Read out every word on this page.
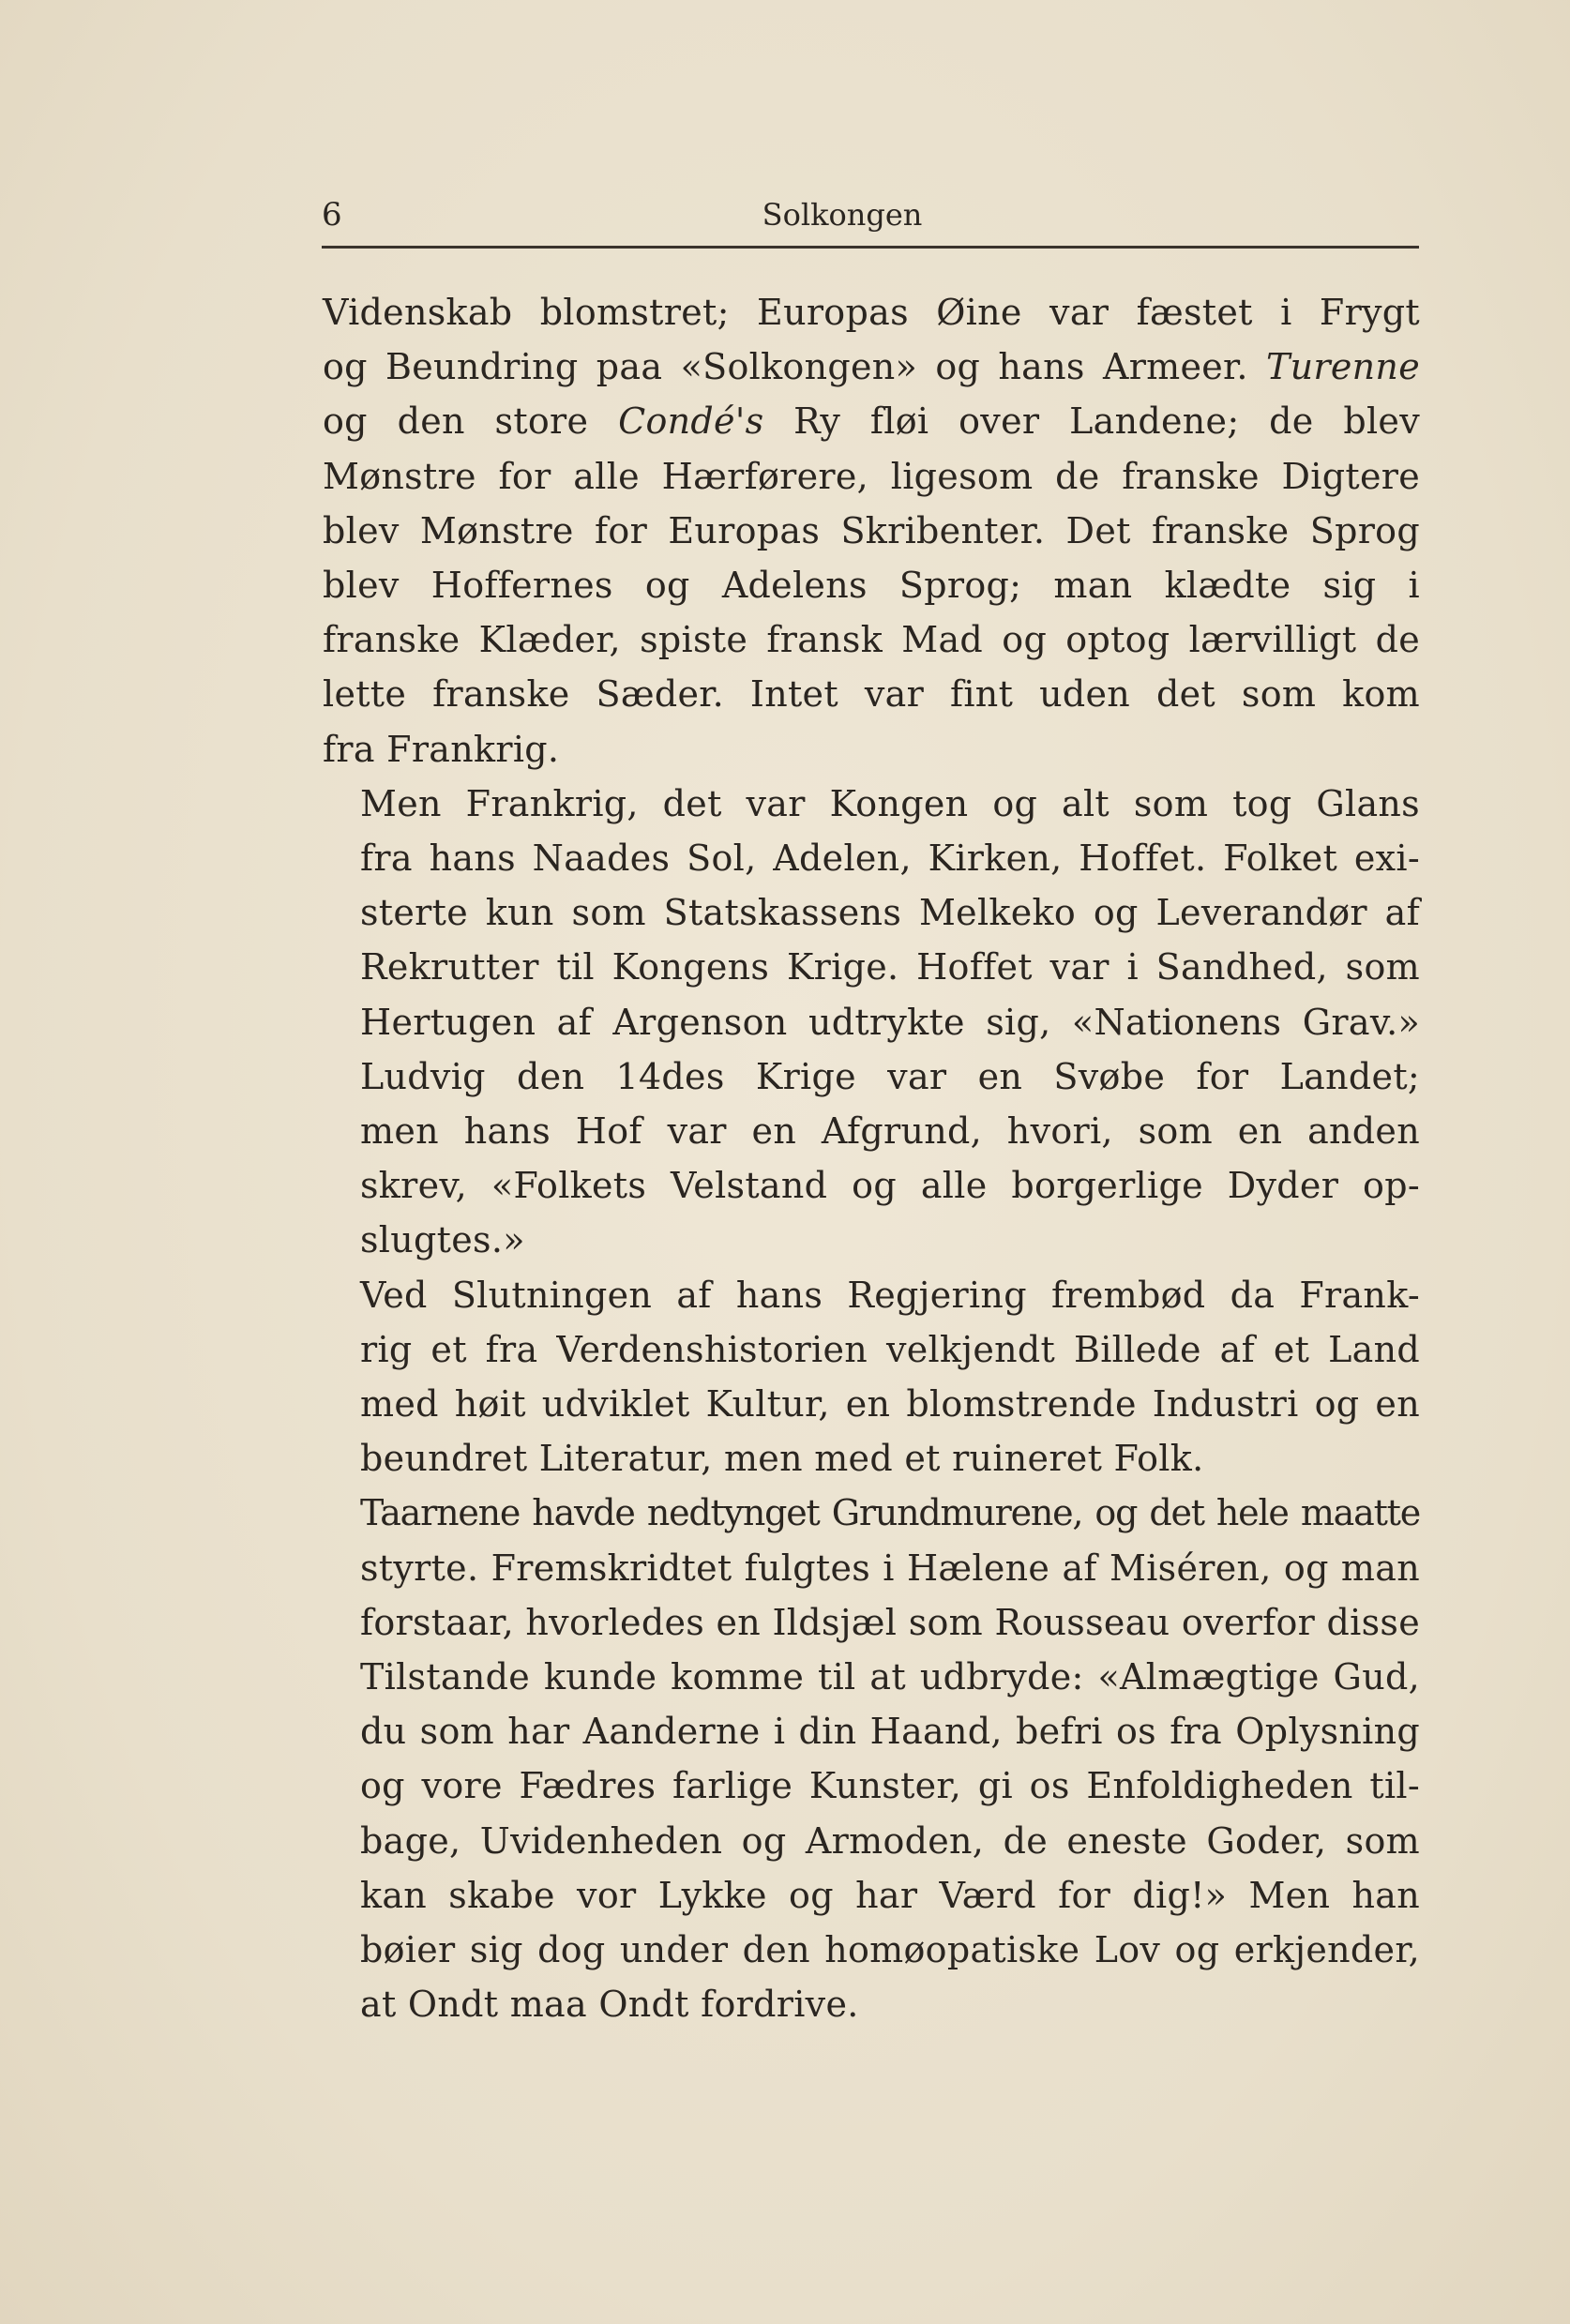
6	Solkongen
Videnskab blomstret; Europas Øine var fæstet i Frygt
og Beundring paa «Solkongen» og hans Armeer. Turenne
og den store Condé's Ry fløi over Landene; de blev
Mønstre for alle Hærførere, ligesom de franske Digtere
blev Mønstre for Europas Skribenter. Det franske Sprog
blev Hoffernes og Adelens Sprog; man klædte sig i
franske Klæder, spiste fransk Mad og optog lærvilligt de
lette franske Sæder. Intet var fint uden det som kom
fra Frankrig.
Men Frankrig, det var Kongen og alt som tog Glans
fra hans Naades Sol, Adelen, Kirken, Hoffet. Folket exi-
sterte kun som Statskassens Melkeko og Leverandør af
Rekrutter til Kongens Krige. Hoffet var i Sandhed, som
Hertugen af Argenson udtrykte sig, «Nationens Grav.»
Ludvig den 14des Krige var en Svøbe for Landet;
men hans Hof var en Afgrund, hvori, som en anden
skrev, «Folkets Velstand og alle borgerlige Dyder op-
slugtes.»
Ved Slutningen af hans Regjering frembød da Frank-
rig et fra Verdenshistorien velkjendt Billede af et Land
med høit udviklet Kultur, en blomstrende Industri og en
beundret Literatur, men med et ruineret Folk.
Taarnene havde nedtynget Grundmurene, og det hele maatte
styrte. Fremskridtet fulgtes i Hælene af Miséren, og man
forstaar, hvorledes en Ildsjæl som Rousseau overfor disse
Tilstande kunde komme til at udbryde: «Almægtige Gud,
du som har Aanderne i din Haand, befri os fra Oplysning
og vore Fædres farlige Kunster, gi os Enfoldigheden til-
bage, Uvidenheden og Armoden, de eneste Goder, som
kan skabe vor Lykke og har Værd for dig!» Men han
bøier sig dog under den homøopatiske Lov og erkjender,
at Ondt maa Ondt fordrive.
